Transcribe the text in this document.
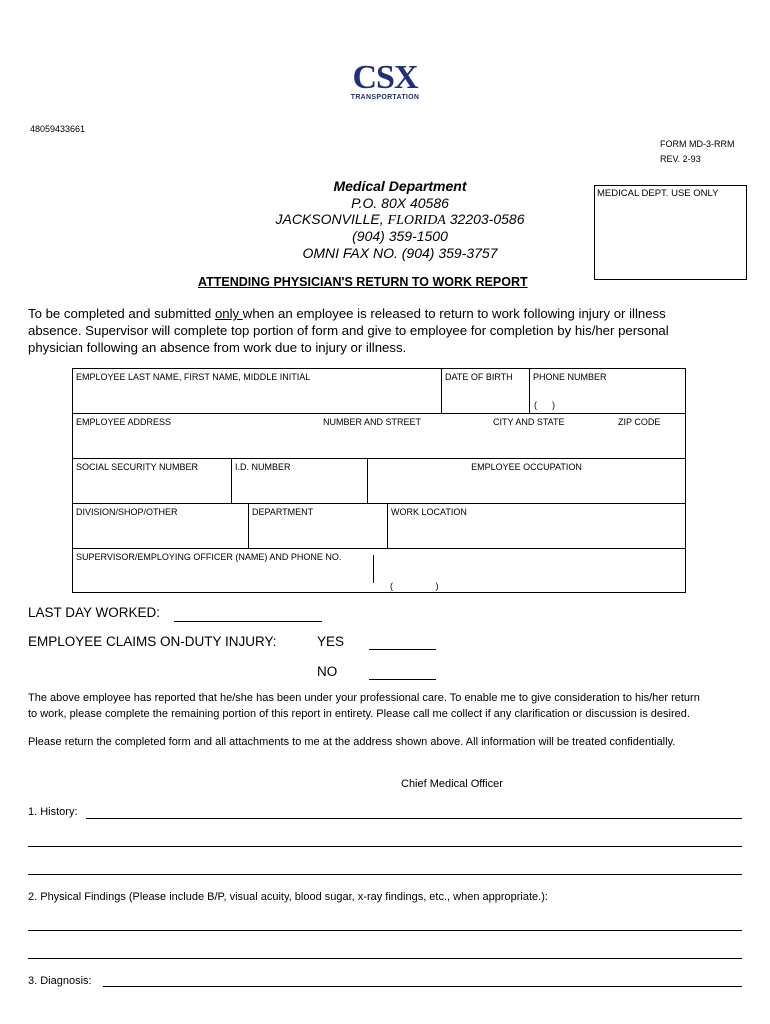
CSX
TRANSPORTATION
48059433661
FORM MD-3-RRM
REV. 2-93
Medical Department
P.O. 80X 40586
JACKSONVILLE, FLORIDA 32203-0586
(904) 359-1500
OMNI FAX NO. (904) 359-3757
MEDICAL DEPT. USE ONLY
ATTENDING PHYSICIAN'S RETURN TO WORK REPORT
To be completed and submitted only when an employee is released to return to work following injury or illness
absence. Supervisor will complete top portion of form and give to employee for completion by his/her personal
physician following an absence from work due to injury or illness.
EMPLOYEE LAST NAME, FIRST NAME, MIDDLE INITIAL	DATE OF BIRTH	PHONE NUMBER
(      )
EMPLOYEE ADDRESS	NUMBER AND STREET	CITY AND STATE	ZIP CODE
SOCIAL SECURITY NUMBER	I.D. NUMBER	EMPLOYEE OCCUPATION
DIVISION/SHOP/OTHER	DEPARTMENT	WORK LOCATION
SUPERVISOR/EMPLOYING OFFICER (NAME) AND PHONE NO.
(                 )
LAST DAY WORKED:
EMPLOYEE CLAIMS ON-DUTY INJURY:	YES
NO
The above employee has reported that he/she has been under your professional care. To enable me to give consideration to his/her return
to work, please complete the remaining portion of this report in entirety. Please call me collect if any clarification or discussion is desired.
Please return the completed form and all attachments to me at the address shown above. All information will be treated confidentially.
Chief Medical Officer
1. History:
2. Physical Findings (Please include B/P, visual acuity, blood sugar, x-ray findings, etc., when appropriate.):
3. Diagnosis:
